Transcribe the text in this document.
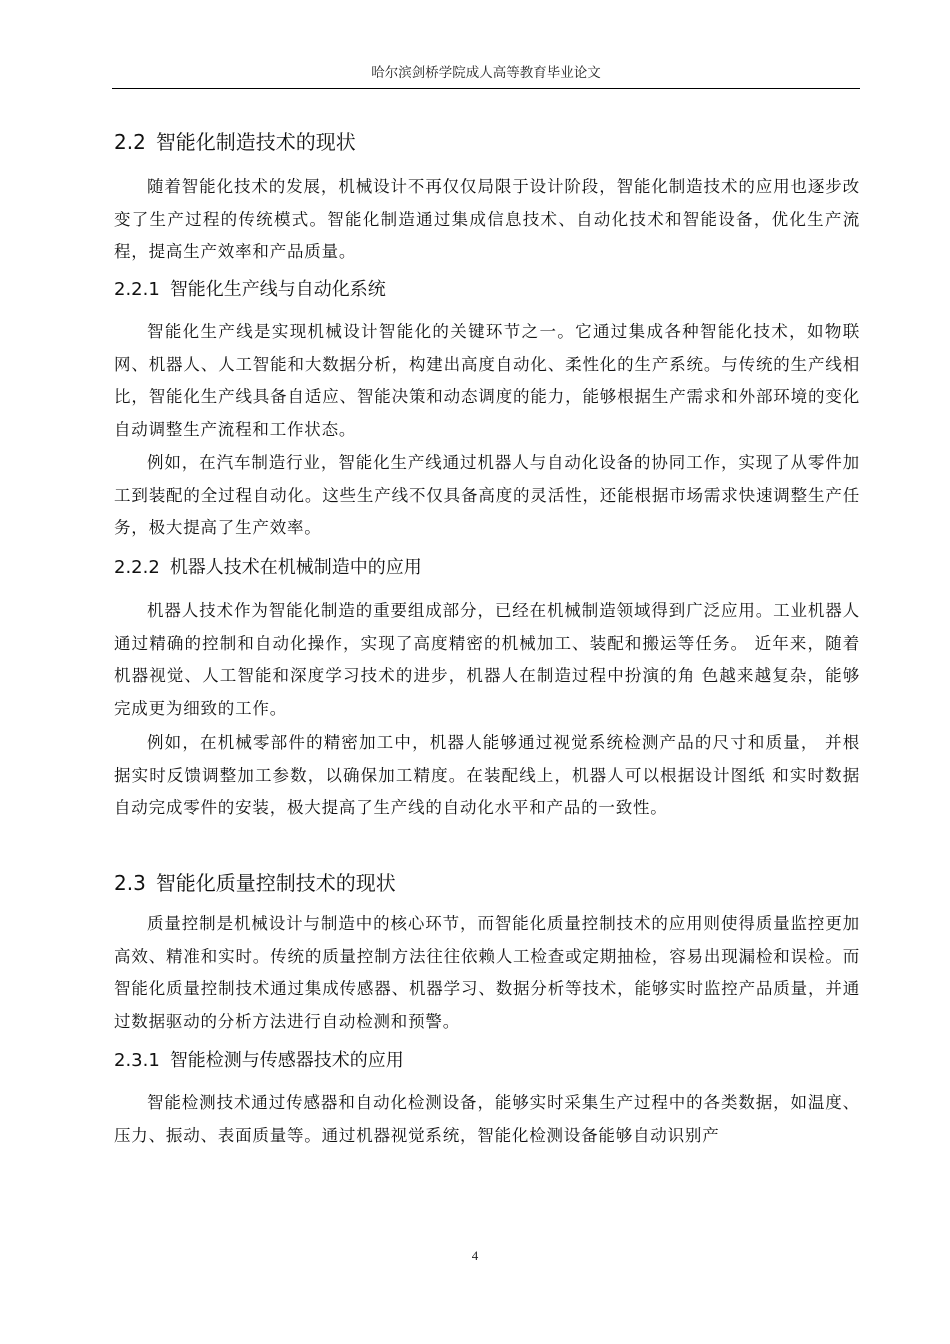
哈尔滨剑桥学院成人高等教育毕业论文
2.2 智能化制造技术的现状

随着智能化技术的发展，机械设计不再仅仅局限于设计阶段，智能化制造技术的应用也逐步改变了生产过程的传统模式。智能化制造通过集成信息技术、自动化技术和智能设备，优化生产流程，提高生产效率和产品质量。

2.2.1 智能化生产线与自动化系统

智能化生产线是实现机械设计智能化的关键环节之一。它通过集成各种智能化技术，如物联网、机器人、人工智能和大数据分析，构建出高度自动化、柔性化的生产系统。与传统的生产线相比，智能化生产线具备自适应、智能决策和动态调度的能力，能够根据生产需求和外部环境的变化自动调整生产流程和工作状态。

例如，在汽车制造行业，智能化生产线通过机器人与自动化设备的协同工作，实现了从零件加工到装配的全过程自动化。这些生产线不仅具备高度的灵活性，还能根据市场需求快速调整生产任务，极大提高了生产效率。

2.2.2 机器人技术在机械制造中的应用

机器人技术作为智能化制造的重要组成部分，已经在机械制造领域得到广泛应用。工业机器人通过精确的控制和自动化操作，实现了高度精密的机械加工、装配和搬运等任务。 近年来，随着机器视觉、人工智能和深度学习技术的进步，机器人在制造过程中扮演的角 色越来越复杂，能够完成更为细致的工作。

例如，在机械零部件的精密加工中，机器人能够通过视觉系统检测产品的尺寸和质量， 并根据实时反馈调整加工参数，以确保加工精度。在装配线上，机器人可以根据设计图纸 和实时数据自动完成零件的安装，极大提高了生产线的自动化水平和产品的一致性。

2.3 智能化质量控制技术的现状

质量控制是机械设计与制造中的核心环节，而智能化质量控制技术的应用则使得质量监控更加高效、精准和实时。传统的质量控制方法往往依赖人工检查或定期抽检，容易出现漏检和误检。而智能化质量控制技术通过集成传感器、机器学习、数据分析等技术，能够实时监控产品质量，并通过数据驱动的分析方法进行自动检测和预警。

2.3.1 智能检测与传感器技术的应用

智能检测技术通过传感器和自动化检测设备，能够实时采集生产过程中的各类数据，如温度、压力、振动、表面质量等。通过机器视觉系统，智能化检测设备能够自动识别产

4
